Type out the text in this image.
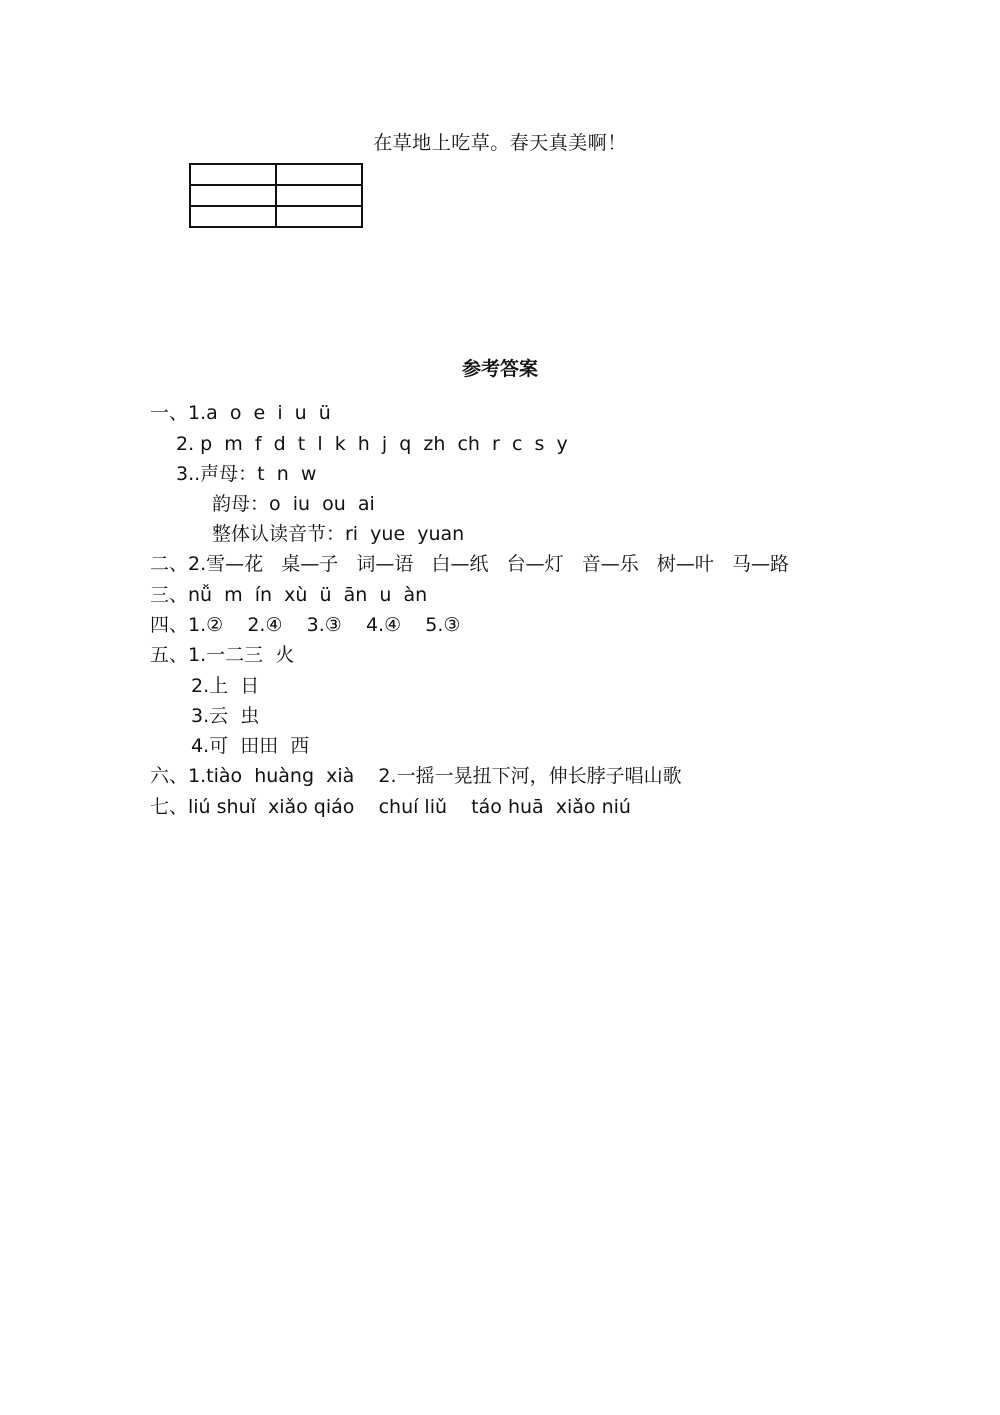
在草地上吃草。春天真美啊！

参考答案
一、1.a  o  e  i  u  ü
2. p  m  f  d  t  l  k  h  j  q  zh  ch  r  c  s  y
3..声母：t  n  w
韵母：o  iu  ou  ai
整体认读音节：ri  yue  yuan
二、2.雪—花   桌—子   词—语   白—纸   台—灯   音—乐   树—叶   马—路
三、nǚ  m  ín  xù  ü  ān  u  àn
四、1.②    2.④    3.③    4.④    5.③
五、1.一二三  火
2.上  日
3.云  虫
4.可  田田  西
六、1.tiào  huàng  xià    2.一摇一晃扭下河，伸长脖子唱山歌
七、liú shuǐ  xiǎo qiáo    chuí liǔ    táo huā  xiǎo niú
